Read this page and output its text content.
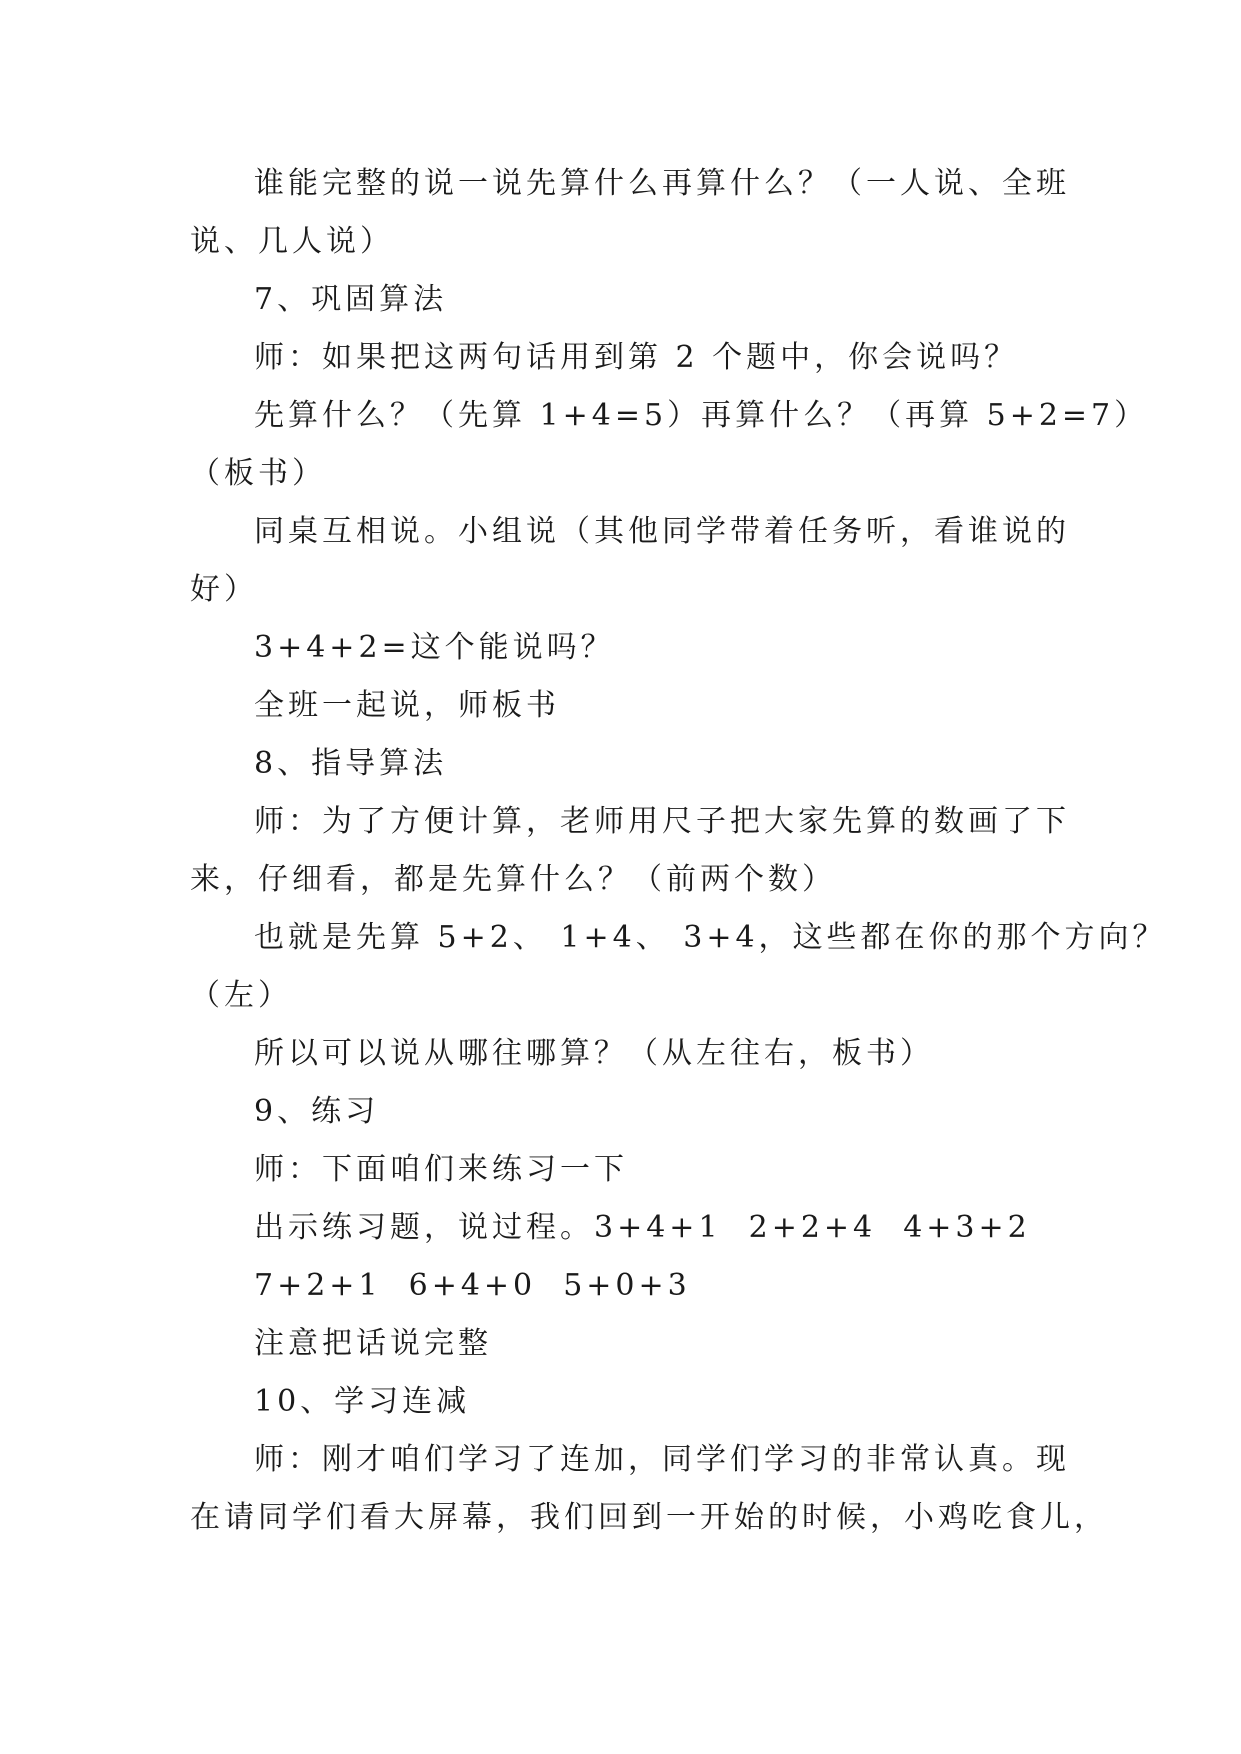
谁能完整的说一说先算什么再算什么？（一人说、全班
说、几人说）
7、巩固算法
师：如果把这两句话用到第 2 个题中，你会说吗？
先算什么？（先算 1+4=5）再算什么？（再算 5+2=7）
（板书）
同桌互相说。小组说（其他同学带着任务听，看谁说的
好）
3+4+2=这个能说吗？
全班一起说，师板书
8、指导算法
师：为了方便计算，老师用尺子把大家先算的数画了下
来，仔细看，都是先算什么？（前两个数）
也就是先算 5+2、 1+4、 3+4，这些都在你的那个方向？
（左）
所以可以说从哪往哪算？（从左往右，板书）
9、练习
师：下面咱们来练习一下
出示练习题，说过程。3+4+1  2+2+4  4+3+2
7+2+1  6+4+0  5+0+3
注意把话说完整
10、学习连减
师：刚才咱们学习了连加，同学们学习的非常认真。现
在请同学们看大屏幕，我们回到一开始的时候，小鸡吃食儿，
